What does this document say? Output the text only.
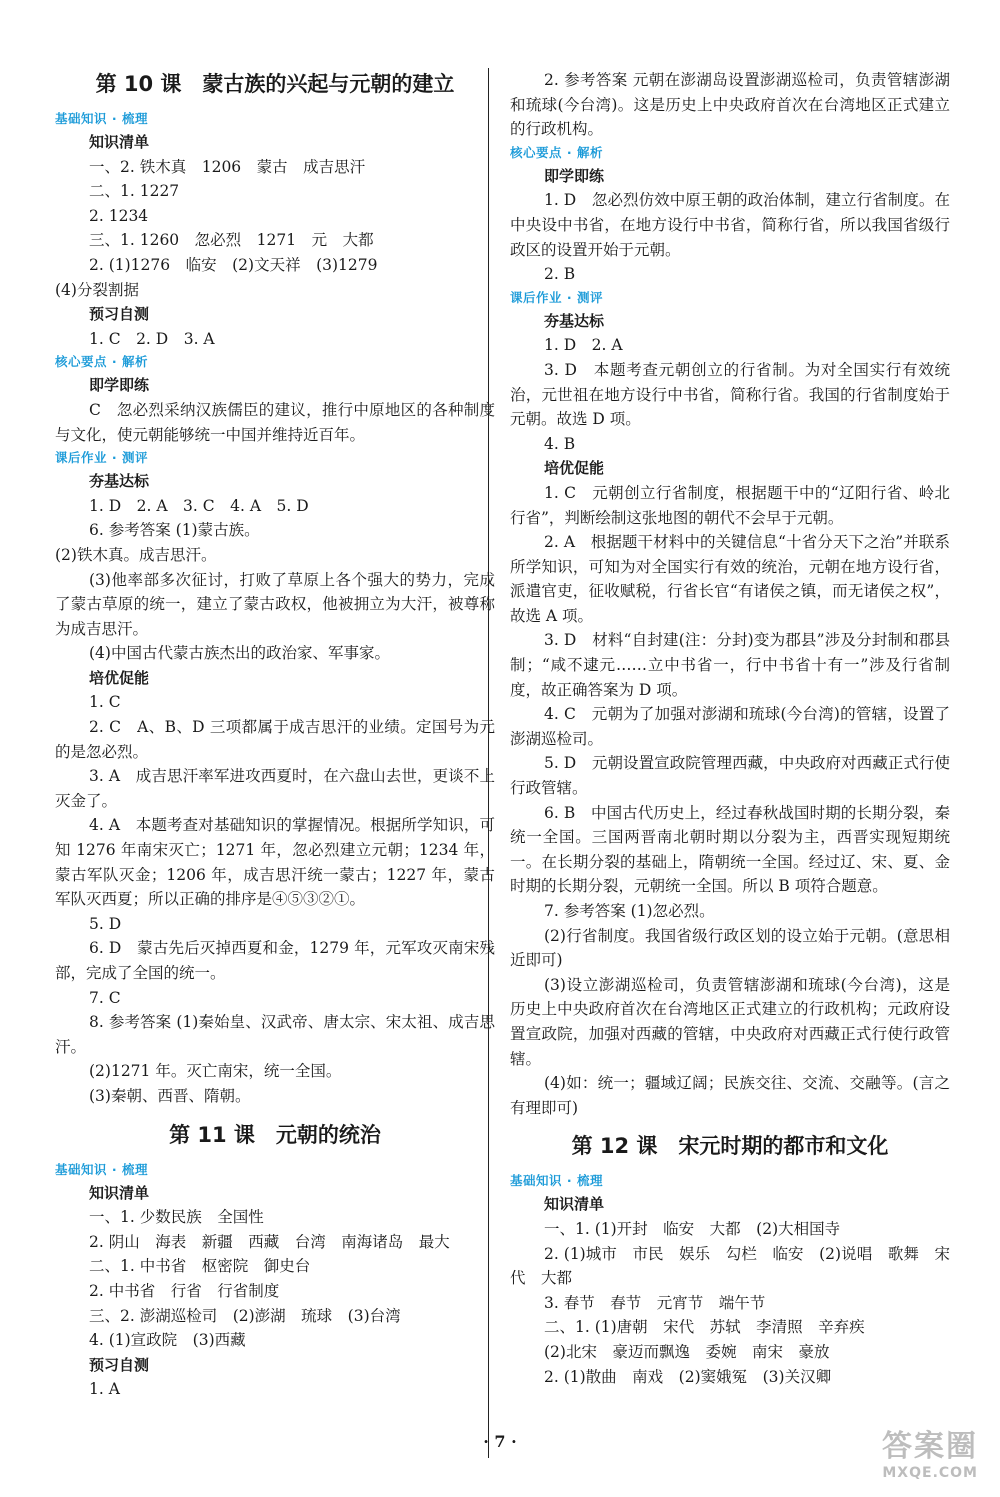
第 10 课　蒙古族的兴起与元朝的建立
基础知识 · 梳理
知识清单
一、2. 铁木真　1206　蒙古　成吉思汗
二、1. 1227
2. 1234
三、1. 1260　忽必烈　1271　元　大都
2. (1)1276　临安　(2)文天祥　(3)1279
(4)分裂割据
预习自测
1. C　2. D　3. A
核心要点 · 解析
即学即练
C　忽必烈采纳汉族儒臣的建议，推行中原地区的各种制度与文化，使元朝能够统一中国并维持近百年。
课后作业 · 测评
夯基达标
1. D　2. A　3. C　4. A　5. D
6. 参考答案 (1)蒙古族。
(2)铁木真。成吉思汗。
(3)他率部多次征讨，打败了草原上各个强大的势力，完成了蒙古草原的统一，建立了蒙古政权，他被拥立为大汗，被尊称为成吉思汗。
(4)中国古代蒙古族杰出的政治家、军事家。
培优促能
1. C
2. C　A、B、D 三项都属于成吉思汗的业绩。定国号为元的是忽必烈。
3. A　成吉思汗率军进攻西夏时，在六盘山去世，更谈不上灭金了。
4. A　本题考查对基础知识的掌握情况。根据所学知识，可知 1276 年南宋灭亡；1271 年，忽必烈建立元朝；1234 年，蒙古军队灭金；1206 年，成吉思汗统一蒙古；1227 年，蒙古军队灭西夏；所以正确的排序是④⑤③②①。
5. D
6. D　蒙古先后灭掉西夏和金，1279 年，元军攻灭南宋残部，完成了全国的统一。
7. C
8. 参考答案 (1)秦始皇、汉武帝、唐太宗、宋太祖、成吉思汗。
(2)1271 年。灭亡南宋，统一全国。
(3)秦朝、西晋、隋朝。
第 11 课　元朝的统治
基础知识 · 梳理
知识清单
一、1. 少数民族　全国性
2. 阴山　海表　新疆　西藏　台湾　南海诸岛　最大
二、1. 中书省　枢密院　御史台
2. 中书省　行省　行省制度
三、2. 澎湖巡检司　(2)澎湖　琉球　(3)台湾
4. (1)宣政院　(3)西藏
预习自测
1. A
2. 参考答案 元朝在澎湖岛设置澎湖巡检司，负责管辖澎湖和琉球(今台湾)。这是历史上中央政府首次在台湾地区正式建立的行政机构。
核心要点 · 解析
即学即练
1. D　忽必烈仿效中原王朝的政治体制，建立行省制度。在中央设中书省，在地方设行中书省，简称行省，所以我国省级行政区的设置开始于元朝。
2. B
课后作业 · 测评
夯基达标
1. D　2. A
3. D　本题考查元朝创立的行省制。为对全国实行有效统治，元世祖在地方设行中书省，简称行省。我国的行省制度始于元朝。故选 D 项。
4. B
培优促能
1. C　元朝创立行省制度，根据题干中的“辽阳行省、岭北行省”，判断绘制这张地图的朝代不会早于元朝。
2. A　根据题干材料中的关键信息“十省分天下之治”并联系所学知识，可知为对全国实行有效的统治，元朝在地方设行省，派遣官吏，征收赋税，行省长官“有诸侯之镇，而无诸侯之权”，故选 A 项。
3. D　材料“自封建(注：分封)变为郡县”涉及分封制和郡县制；“咸不逮元……立中书省一，行中书省十有一”涉及行省制度，故正确答案为 D 项。
4. C　元朝为了加强对澎湖和琉球(今台湾)的管辖，设置了澎湖巡检司。
5. D　元朝设置宣政院管理西藏，中央政府对西藏正式行使行政管辖。
6. B　中国古代历史上，经过春秋战国时期的长期分裂，秦统一全国。三国两晋南北朝时期以分裂为主，西晋实现短期统一。在长期分裂的基础上，隋朝统一全国。经过辽、宋、夏、金时期的长期分裂，元朝统一全国。所以 B 项符合题意。
7. 参考答案 (1)忽必烈。
(2)行省制度。我国省级行政区划的设立始于元朝。(意思相近即可)
(3)设立澎湖巡检司，负责管辖澎湖和琉球(今台湾)，这是历史上中央政府首次在台湾地区正式建立的行政机构；元政府设置宣政院，加强对西藏的管辖，中央政府对西藏正式行使行政管辖。
(4)如：统一；疆域辽阔；民族交往、交流、交融等。(言之有理即可)
第 12 课　宋元时期的都市和文化
基础知识 · 梳理
知识清单
一、1. (1)开封　临安　大都　(2)大相国寺
2. (1)城市　市民　娱乐　勾栏　临安　(2)说唱　歌舞　宋代　大都
3. 春节　春节　元宵节　端午节
二、1. (1)唐朝　宋代　苏轼　李清照　辛弃疾
(2)北宋　豪迈而飘逸　委婉　南宋　豪放
2. (1)散曲　南戏　(2)窦娥冤　(3)关汉卿
· 7 ·	答案圈
MXQE.COM
